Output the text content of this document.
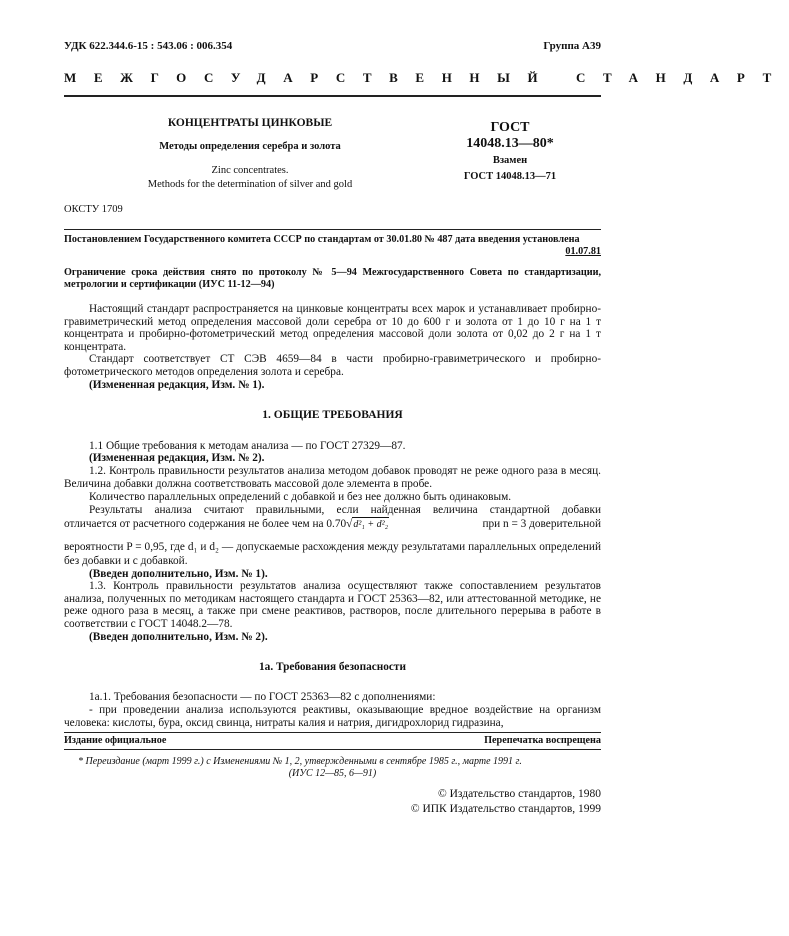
УДК 622.344.6-15 : 543.06 : 006.354	Группа А39
МЕЖГОСУДАРСТВЕННЫЙ СТАНДАРТ
КОНЦЕНТРАТЫ ЦИНКОВЫЕ
Методы определения серебра и золота
Zinc concentrates.
Methods for the determination of silver and gold
ГОСТ
14048.13—80*
Взамен
ГОСТ 14048.13—71
ОКСТУ 1709
Постановлением Государственного комитета СССР по стандартам от 30.01.80 № 487 дата введения установлена
01.07.81
Ограничение срока действия снято по протоколу № 5—94 Межгосударственного Совета по стандартизации, метрологии и сертификации (ИУС 11-12—94)
Настоящий стандарт распространяется на цинковые концентраты всех марок и устанавливает пробирно-гравиметрический метод определения массовой доли серебра от 10 до 600 г и золота от 1 до 10 г на 1 т концентрата и пробирно-фотометрический метод определения массовой доли золота от 0,02 до 2 г на 1 т концентрата.
Стандарт соответствует СТ СЭВ 4659—84 в части пробирно-гравиметрического и пробирно-фотометрического методов определения золота и серебра.
(Измененная редакция, Изм. № 1).
1. ОБЩИЕ ТРЕБОВАНИЯ
1.1 Общие требования к методам анализа — по ГОСТ 27329—87.
(Измененная редакция, Изм. № 2).
1.2. Контроль правильности результатов анализа методом добавок проводят не реже одного раза в месяц. Величина добавки должна соответствовать массовой доле элемента в пробе.
Количество параллельных определений с добавкой и без нее должно быть одинаковым.
Результаты анализа считают правильными, если найденная величина стандартной добавки
отличается от расчетного содержания не более чем на 0.70√d²₁ + d²₂	при n = 3 доверительной
вероятности P = 0,95, где d₁ и d₂ — допускаемые расхождения между результатами параллельных определений без добавки и с добавкой.
(Введен дополнительно, Изм. № 1).
1.3. Контроль правильности результатов анализа осуществляют также сопоставлением результатов анализа, полученных по методикам настоящего стандарта и ГОСТ 25363—82, или аттестованной методике, не реже одного раза в месяц, а также при смене реактивов, растворов, после длительного перерыва в работе в соответствии с ГОСТ 14048.2—78.
(Введен дополнительно, Изм. № 2).
1а. Требования безопасности
1а.1. Требования безопасности — по ГОСТ 25363—82 с дополнениями:
- при проведении анализа используются реактивы, оказывающие вредное воздействие на организм человека: кислоты, бура, оксид свинца, нитраты калия и натрия, дигидрохлорид гидразина,
Издание официальное	Перепечатка воспрещена
* Переиздание (март 1999 г.) с Изменениями № 1, 2, утвержденными в сентябре 1985 г., марте 1991 г.
(ИУС 12—85, 6—91)
© Издательство стандартов, 1980
© ИПК Издательство стандартов, 1999
